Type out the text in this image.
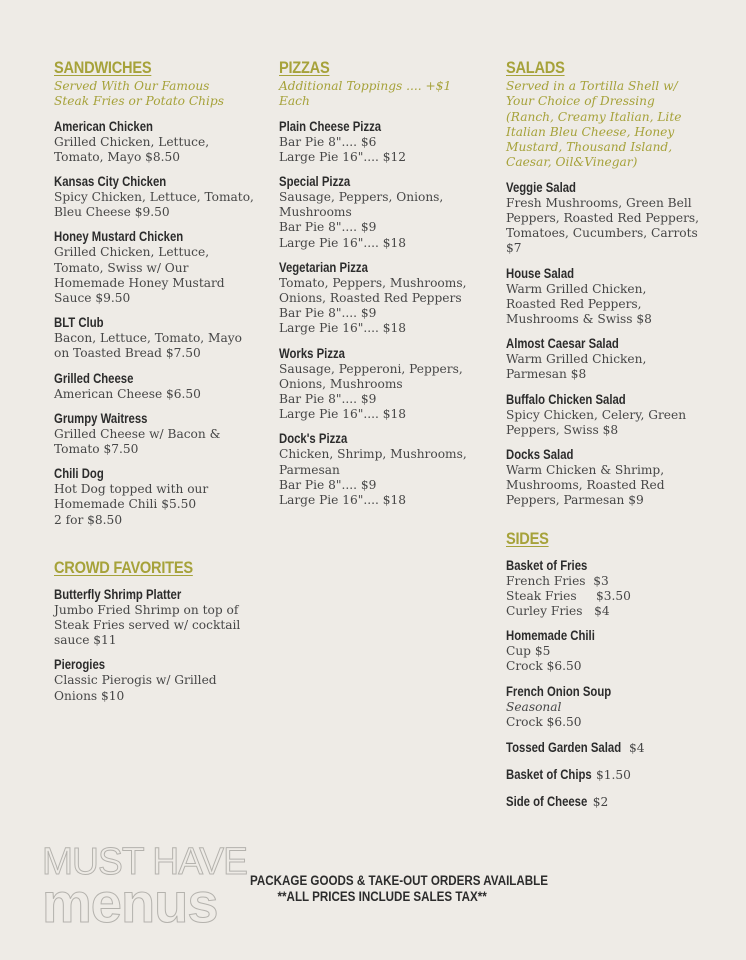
SANDWICHES
Served With Our Famous
Steak Fries or Potato Chips
American Chicken
Grilled Chicken, Lettuce,
Tomato, Mayo $8.50
Kansas City Chicken
Spicy Chicken, Lettuce, Tomato,
Bleu Cheese $9.50
Honey Mustard Chicken
Grilled Chicken, Lettuce,
Tomato, Swiss w/ Our
Homemade Honey Mustard
Sauce $9.50
BLT Club
Bacon, Lettuce, Tomato, Mayo
on Toasted Bread $7.50
Grilled Cheese
American Cheese $6.50
Grumpy Waitress
Grilled Cheese w/ Bacon &
Tomato $7.50
Chili Dog
Hot Dog topped with our
Homemade Chili $5.50
2 for $8.50
CROWD FAVORITES
Butterfly Shrimp Platter
Jumbo Fried Shrimp on top of
Steak Fries served w/ cocktail
sauce $11
Pierogies
Classic Pierogis w/ Grilled
Onions $10
PIZZAS
Additional Toppings .... +$1
Each
Plain Cheese Pizza
Bar Pie 8".... $6
Large Pie 16".... $12
Special Pizza
Sausage, Peppers, Onions,
Mushrooms
Bar Pie 8".... $9
Large Pie 16".... $18
Vegetarian Pizza
Tomato, Peppers, Mushrooms,
Onions, Roasted Red Peppers
Bar Pie 8".... $9
Large Pie 16".... $18
Works Pizza
Sausage, Pepperoni, Peppers,
Onions, Mushrooms
Bar Pie 8".... $9
Large Pie 16".... $18
Dock's Pizza
Chicken, Shrimp, Mushrooms,
Parmesan
Bar Pie 8".... $9
Large Pie 16".... $18
SALADS
Served in a Tortilla Shell w/
Your Choice of Dressing
(Ranch, Creamy Italian, Lite
Italian Bleu Cheese, Honey
Mustard, Thousand Island,
Caesar, Oil&Vinegar)
Veggie Salad
Fresh Mushrooms, Green Bell
Peppers, Roasted Red Peppers,
Tomatoes, Cucumbers, Carrots
$7
House Salad
Warm Grilled Chicken,
Roasted Red Peppers,
Mushrooms & Swiss $8
Almost Caesar Salad
Warm Grilled Chicken,
Parmesan $8
Buffalo Chicken Salad
Spicy Chicken, Celery, Green
Peppers, Swiss $8
Docks Salad
Warm Chicken & Shrimp,
Mushrooms, Roasted Red
Peppers, Parmesan $9
SIDES
Basket of Fries
French Fries  $3
Steak Fries     $3.50
Curley Fries   $4
Homemade Chili
Cup $5
Crock $6.50
French Onion Soup
Seasonal
Crock $6.50
Tossed Garden Salad $4
Basket of Chips $1.50
Side of Cheese $2
MUST HAVE
menus	PACKAGE GOODS & TAKE-OUT ORDERS AVAILABLE
**ALL PRICES INCLUDE SALES TAX**
